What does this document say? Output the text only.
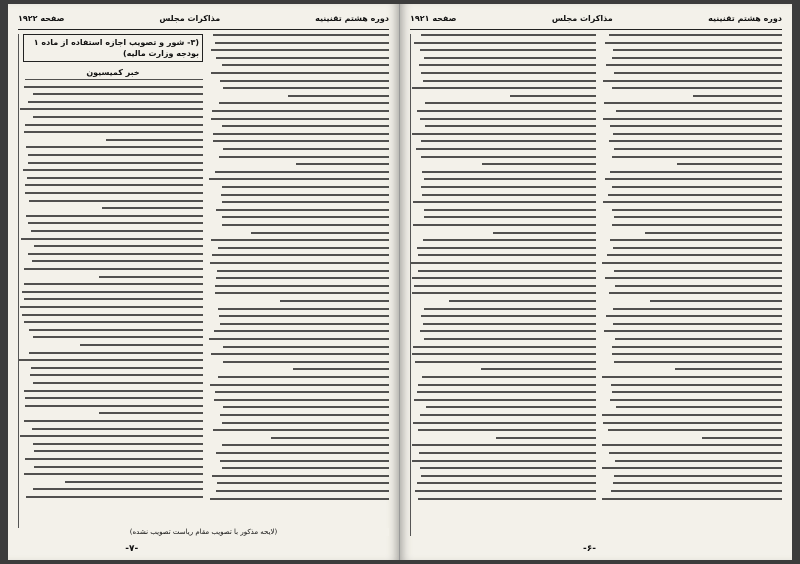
دوره هشتم تقنینیه
مذاکرات مجلس
صفحه ۱۹۲۲
(۳- شور و تصویب اجازه استفاده از ماده ۱ بودجه وزارت مالیه)
خبر کمیسیون
(لایحه مذکور با تصویب مقام ریاست تصویب نشده)
-۷-
دوره هشتم تقنینیه
مذاکرات مجلس
صفحه ۱۹۲۱
-۶-
